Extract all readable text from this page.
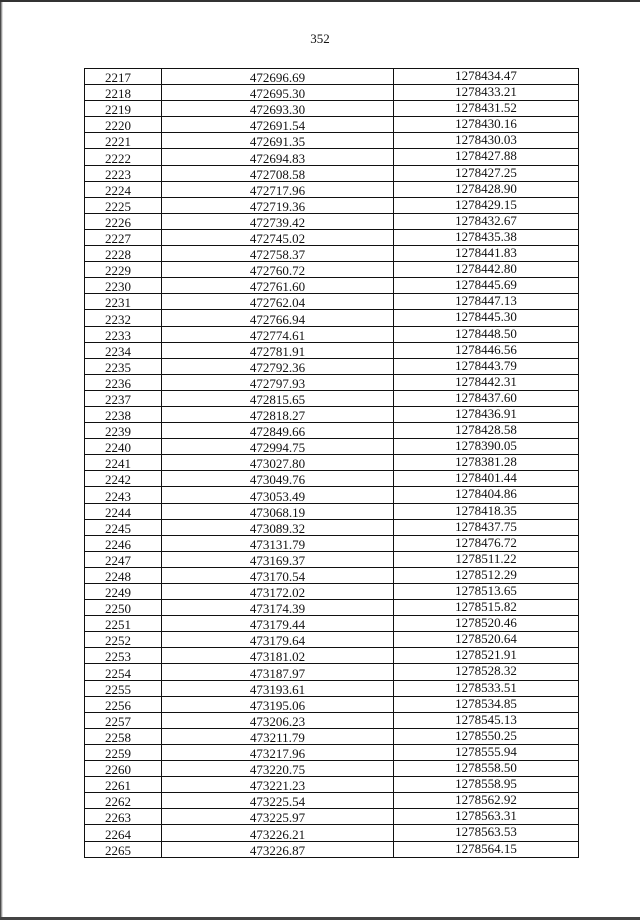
352
2217	472696.69	1278434.47
2218	472695.30	1278433.21
2219	472693.30	1278431.52
2220	472691.54	1278430.16
2221	472691.35	1278430.03
2222	472694.83	1278427.88
2223	472708.58	1278427.25
2224	472717.96	1278428.90
2225	472719.36	1278429.15
2226	472739.42	1278432.67
2227	472745.02	1278435.38
2228	472758.37	1278441.83
2229	472760.72	1278442.80
2230	472761.60	1278445.69
2231	472762.04	1278447.13
2232	472766.94	1278445.30
2233	472774.61	1278448.50
2234	472781.91	1278446.56
2235	472792.36	1278443.79
2236	472797.93	1278442.31
2237	472815.65	1278437.60
2238	472818.27	1278436.91
2239	472849.66	1278428.58
2240	472994.75	1278390.05
2241	473027.80	1278381.28
2242	473049.76	1278401.44
2243	473053.49	1278404.86
2244	473068.19	1278418.35
2245	473089.32	1278437.75
2246	473131.79	1278476.72
2247	473169.37	1278511.22
2248	473170.54	1278512.29
2249	473172.02	1278513.65
2250	473174.39	1278515.82
2251	473179.44	1278520.46
2252	473179.64	1278520.64
2253	473181.02	1278521.91
2254	473187.97	1278528.32
2255	473193.61	1278533.51
2256	473195.06	1278534.85
2257	473206.23	1278545.13
2258	473211.79	1278550.25
2259	473217.96	1278555.94
2260	473220.75	1278558.50
2261	473221.23	1278558.95
2262	473225.54	1278562.92
2263	473225.97	1278563.31
2264	473226.21	1278563.53
2265	473226.87	1278564.15
